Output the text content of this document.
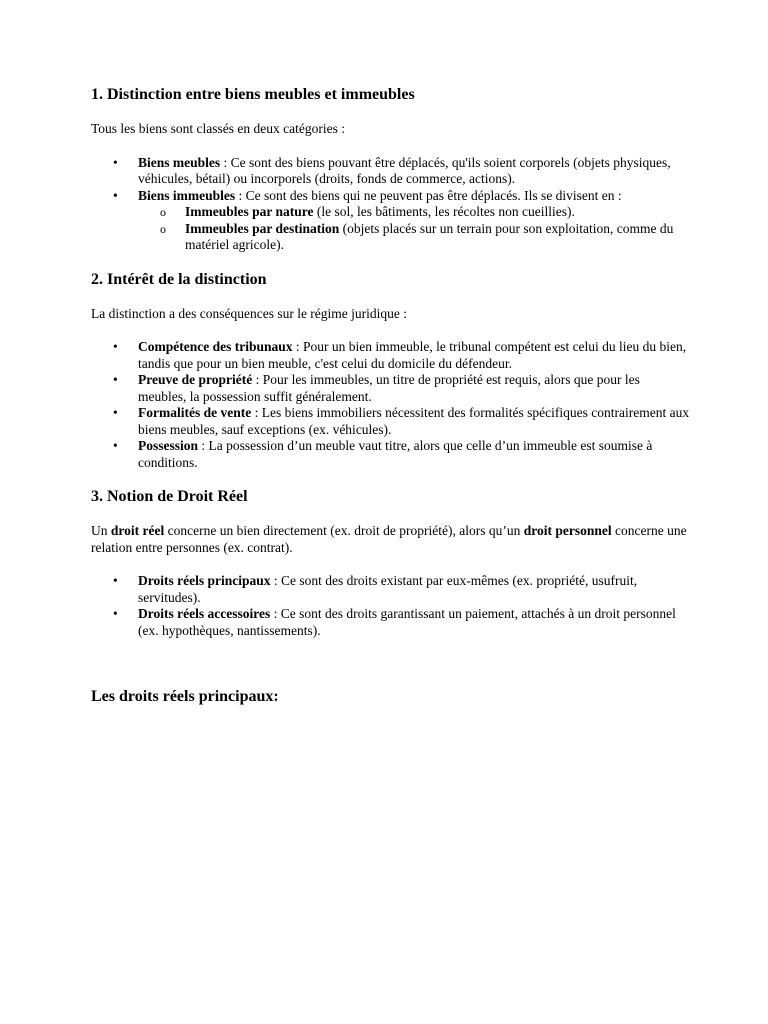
1. Distinction entre biens meubles et immeubles

Tous les biens sont classés en deux catégories :

• Biens meubles : Ce sont des biens pouvant être déplacés, qu'ils soient corporels (objets physiques, véhicules, bétail) ou incorporels (droits, fonds de commerce, actions).
• Biens immeubles : Ce sont des biens qui ne peuvent pas être déplacés. Ils se divisent en :
o Immeubles par nature (le sol, les bâtiments, les récoltes non cueillies).
o Immeubles par destination (objets placés sur un terrain pour son exploitation, comme du matériel agricole).
2. Intérêt de la distinction

La distinction a des conséquences sur le régime juridique :

• Compétence des tribunaux : Pour un bien immeuble, le tribunal compétent est celui du lieu du bien, tandis que pour un bien meuble, c'est celui du domicile du défendeur.
• Preuve de propriété : Pour les immeubles, un titre de propriété est requis, alors que pour les meubles, la possession suffit généralement.
• Formalités de vente : Les biens immobiliers nécessitent des formalités spécifiques contrairement aux biens meubles, sauf exceptions (ex. véhicules).
• Possession : La possession d’un meuble vaut titre, alors que celle d’un immeuble est soumise à conditions.
3. Notion de Droit Réel

Un droit réel concerne un bien directement (ex. droit de propriété), alors qu’un droit personnel concerne une relation entre personnes (ex. contrat).

• Droits réels principaux : Ce sont des droits existant par eux-mêmes (ex. propriété, usufruit, servitudes).
• Droits réels accessoires : Ce sont des droits garantissant un paiement, attachés à un droit personnel (ex. hypothèques, nantissements).
Les droits réels principaux:
